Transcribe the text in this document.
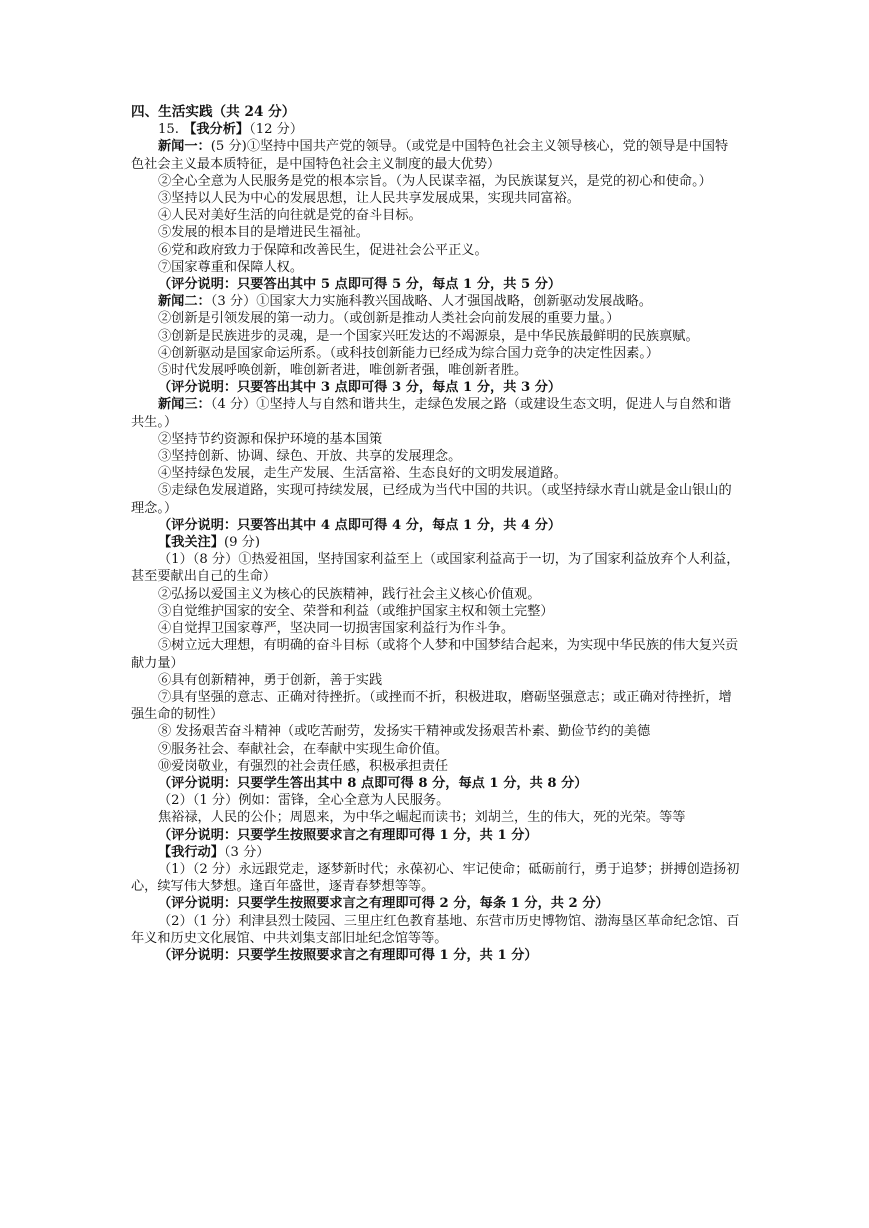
四、生活实践（共 24 分）

15. 【我分析】（12 分）

新闻一：(5 分)①坚持中国共产党的领导。（或党是中国特色社会主义领导核心，党的领导是中国特色社会主义最本质特征，是中国特色社会主义制度的最大优势）

②全心全意为人民服务是党的根本宗旨。（为人民谋幸福，为民族谋复兴，是党的初心和使命。）

③坚持以人民为中心的发展思想，让人民共享发展成果，实现共同富裕。

④人民对美好生活的向往就是党的奋斗目标。

⑤发展的根本目的是增进民生福祉。

⑥党和政府致力于保障和改善民生，促进社会公平正义。

⑦国家尊重和保障人权。

（评分说明：只要答出其中 5 点即可得 5 分，每点 1 分，共 5 分）

新闻二：（3 分）①国家大力实施科教兴国战略、人才强国战略，创新驱动发展战略。

②创新是引领发展的第一动力。（或创新是推动人类社会向前发展的重要力量。）

③创新是民族进步的灵魂，是一个国家兴旺发达的不竭源泉，是中华民族最鲜明的民族禀赋。

④创新驱动是国家命运所系。（或科技创新能力已经成为综合国力竞争的决定性因素。）

⑤时代发展呼唤创新，唯创新者进，唯创新者强，唯创新者胜。

（评分说明：只要答出其中 3 点即可得 3 分，每点 1 分，共 3 分）

新闻三：（4 分）①坚持人与自然和谐共生，走绿色发展之路（或建设生态文明，促进人与自然和谐共生。）

②坚持节约资源和保护环境的基本国策

③坚持创新、协调、绿色、开放、共享的发展理念。

④坚持绿色发展，走生产发展、生活富裕、生态良好的文明发展道路。

⑤走绿色发展道路，实现可持续发展，已经成为当代中国的共识。（或坚持绿水青山就是金山银山的理念。）

（评分说明：只要答出其中 4 点即可得 4 分，每点 1 分，共 4 分）

【我关注】(9 分)

（1）（8 分）①热爱祖国，坚持国家利益至上（或国家利益高于一切，为了国家利益放弃个人利益，甚至要献出自己的生命）

②弘扬以爱国主义为核心的民族精神，践行社会主义核心价值观。

③自觉维护国家的安全、荣誉和利益（或维护国家主权和领土完整）

④自觉捍卫国家尊严，坚决同一切损害国家利益行为作斗争。

⑤树立远大理想，有明确的奋斗目标（或将个人梦和中国梦结合起来，为实现中华民族的伟大复兴贡献力量）

⑥具有创新精神，勇于创新，善于实践

⑦具有坚强的意志、正确对待挫折。（或挫而不折，积极进取，磨砺坚强意志；或正确对待挫折，增强生命的韧性）

⑧ 发扬艰苦奋斗精神（或吃苦耐劳，发扬实干精神或发扬艰苦朴素、勤俭节约的美德

⑨服务社会、奉献社会，在奉献中实现生命价值。

⑩爱岗敬业，有强烈的社会责任感，积极承担责任

（评分说明：只要学生答出其中 8 点即可得 8 分，每点 1 分，共 8 分）

（2）（1 分）例如：雷锋，全心全意为人民服务。

焦裕禄，人民的公仆；周恩来，为中华之崛起而读书；刘胡兰，生的伟大，死的光荣。等等

（评分说明：只要学生按照要求言之有理即可得 1 分，共 1 分）

【我行动】（3 分）

（1）（2 分）永远跟党走，逐梦新时代；永葆初心、牢记使命；砥砺前行，勇于追梦；拼搏创造扬初心，续写伟大梦想。逢百年盛世，逐青春梦想等等。

（评分说明：只要学生按照要求言之有理即可得 2 分，每条 1 分，共 2 分）

（2）（1 分）利津县烈士陵园、三里庄红色教育基地、东营市历史博物馆、渤海垦区革命纪念馆、百年义和历史文化展馆、中共刘集支部旧址纪念馆等等。

（评分说明：只要学生按照要求言之有理即可得 1 分，共 1 分）
